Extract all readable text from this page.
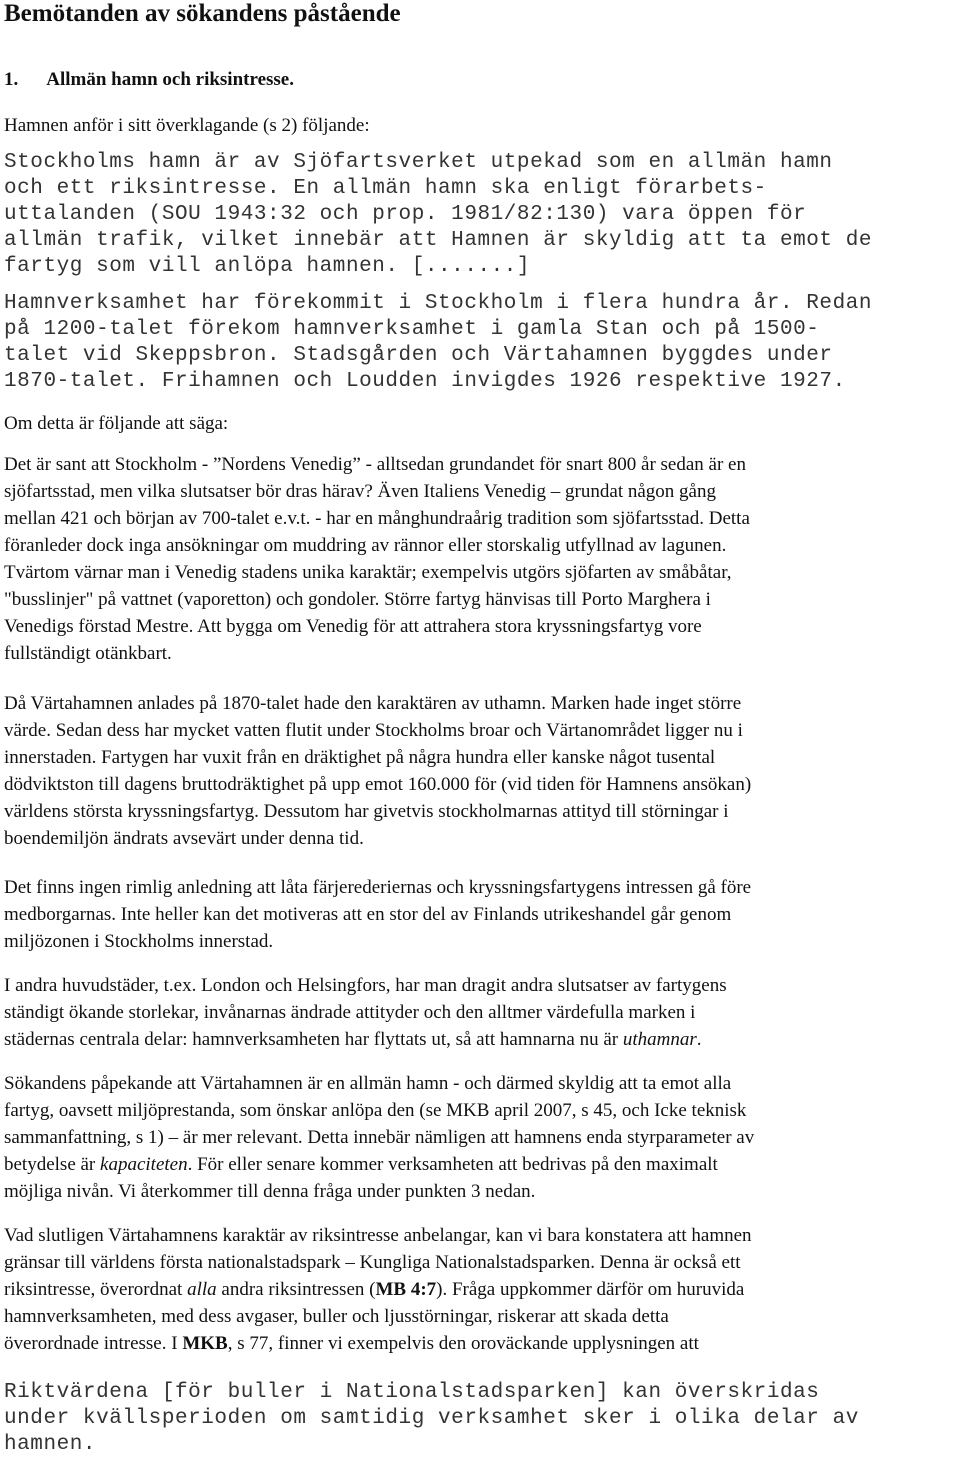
Bemötanden av sökandens påstående
1. Allmän hamn och riksintresse.
Hamnen anför i sitt överklagande (s 2) följande:
Stockholms hamn är av Sjöfartsverket utpekad som en allmän hamn
och ett riksintresse. En allmän hamn ska enligt förarbets-
uttalanden (SOU 1943:32 och prop. 1981/82:130) vara öppen för
allmän trafik, vilket innebär att Hamnen är skyldig att ta emot de
fartyg som vill anlöpa hamnen. [.......]
Hamnverksamhet har förekommit i Stockholm i flera hundra år. Redan
på 1200-talet förekom hamnverksamhet i gamla Stan och på 1500-
talet vid Skeppsbron. Stadsgården och Värtahamnen byggdes under
1870-talet. Frihamnen och Loudden invigdes 1926 respektive 1927.
Om detta är följande att säga:
Det är sant att Stockholm - ”Nordens Venedig” - alltsedan grundandet för snart 800 år sedan är en
sjöfartsstad, men vilka slutsatser bör dras härav? Även Italiens Venedig – grundat någon gång
mellan 421 och början av 700-talet e.v.t. - har en månghundraårig tradition som sjöfartsstad. Detta
föranleder dock inga ansökningar om muddring av rännor eller storskalig utfyllnad av lagunen.
Tvärtom värnar man i Venedig stadens unika karaktär; exempelvis utgörs sjöfarten av småbåtar,
"busslinjer" på vattnet (vaporetton) och gondoler. Större fartyg hänvisas till Porto Marghera i
Venedigs förstad Mestre. Att bygga om Venedig för att attrahera stora kryssningsfartyg vore
fullständigt otänkbart.
Då Värtahamnen anlades på 1870-talet hade den karaktären av uthamn. Marken hade inget större
värde. Sedan dess har mycket vatten flutit under Stockholms broar och Värtanområdet ligger nu i
innerstaden. Fartygen har vuxit från en dräktighet på några hundra eller kanske något tusental
dödviktston till dagens bruttodräktighet på upp emot 160.000 för (vid tiden för Hamnens ansökan)
världens största kryssningsfartyg. Dessutom har givetvis stockholmarnas attityd till störningar i
boendemiljön ändrats avsevärt under denna tid.
Det finns ingen rimlig anledning att låta färjerederiernas och kryssningsfartygens intressen gå före
medborgarnas. Inte heller kan det motiveras att en stor del av Finlands utrikeshandel går genom
miljözonen i Stockholms innerstad.
I andra huvudstäder, t.ex. London och Helsingfors, har man dragit andra slutsatser av fartygens
ständigt ökande storlekar, invånarnas ändrade attityder och den alltmer värdefulla marken i
städernas centrala delar: hamnverksamheten har flyttats ut, så att hamnarna nu är uthamnar.
Sökandens påpekande att Värtahamnen är en allmän hamn - och därmed skyldig att ta emot alla
fartyg, oavsett miljöprestanda, som önskar anlöpa den (se MKB april 2007, s 45, och Icke teknisk
sammanfattning, s 1) – är mer relevant. Detta innebär nämligen att hamnens enda styrparameter av
betydelse är kapaciteten. För eller senare kommer verksamheten att bedrivas på den maximalt
möjliga nivån. Vi återkommer till denna fråga under punkten 3 nedan.
Vad slutligen Värtahamnens karaktär av riksintresse anbelangar, kan vi bara konstatera att hamnen
gränsar till världens första nationalstadspark – Kungliga Nationalstadsparken. Denna är också ett
riksintresse, överordnat alla andra riksintressen (MB 4:7). Fråga uppkommer därför om huruvida
hamnverksamheten, med dess avgaser, buller och ljusstörningar, riskerar att skada detta
överordnade intresse. I MKB, s 77, finner vi exempelvis den oroväckande upplysningen att
Riktvärdena [för buller i Nationalstadsparken] kan överskridas
under kvällsperioden om samtidig verksamhet sker i olika delar av
hamnen.
